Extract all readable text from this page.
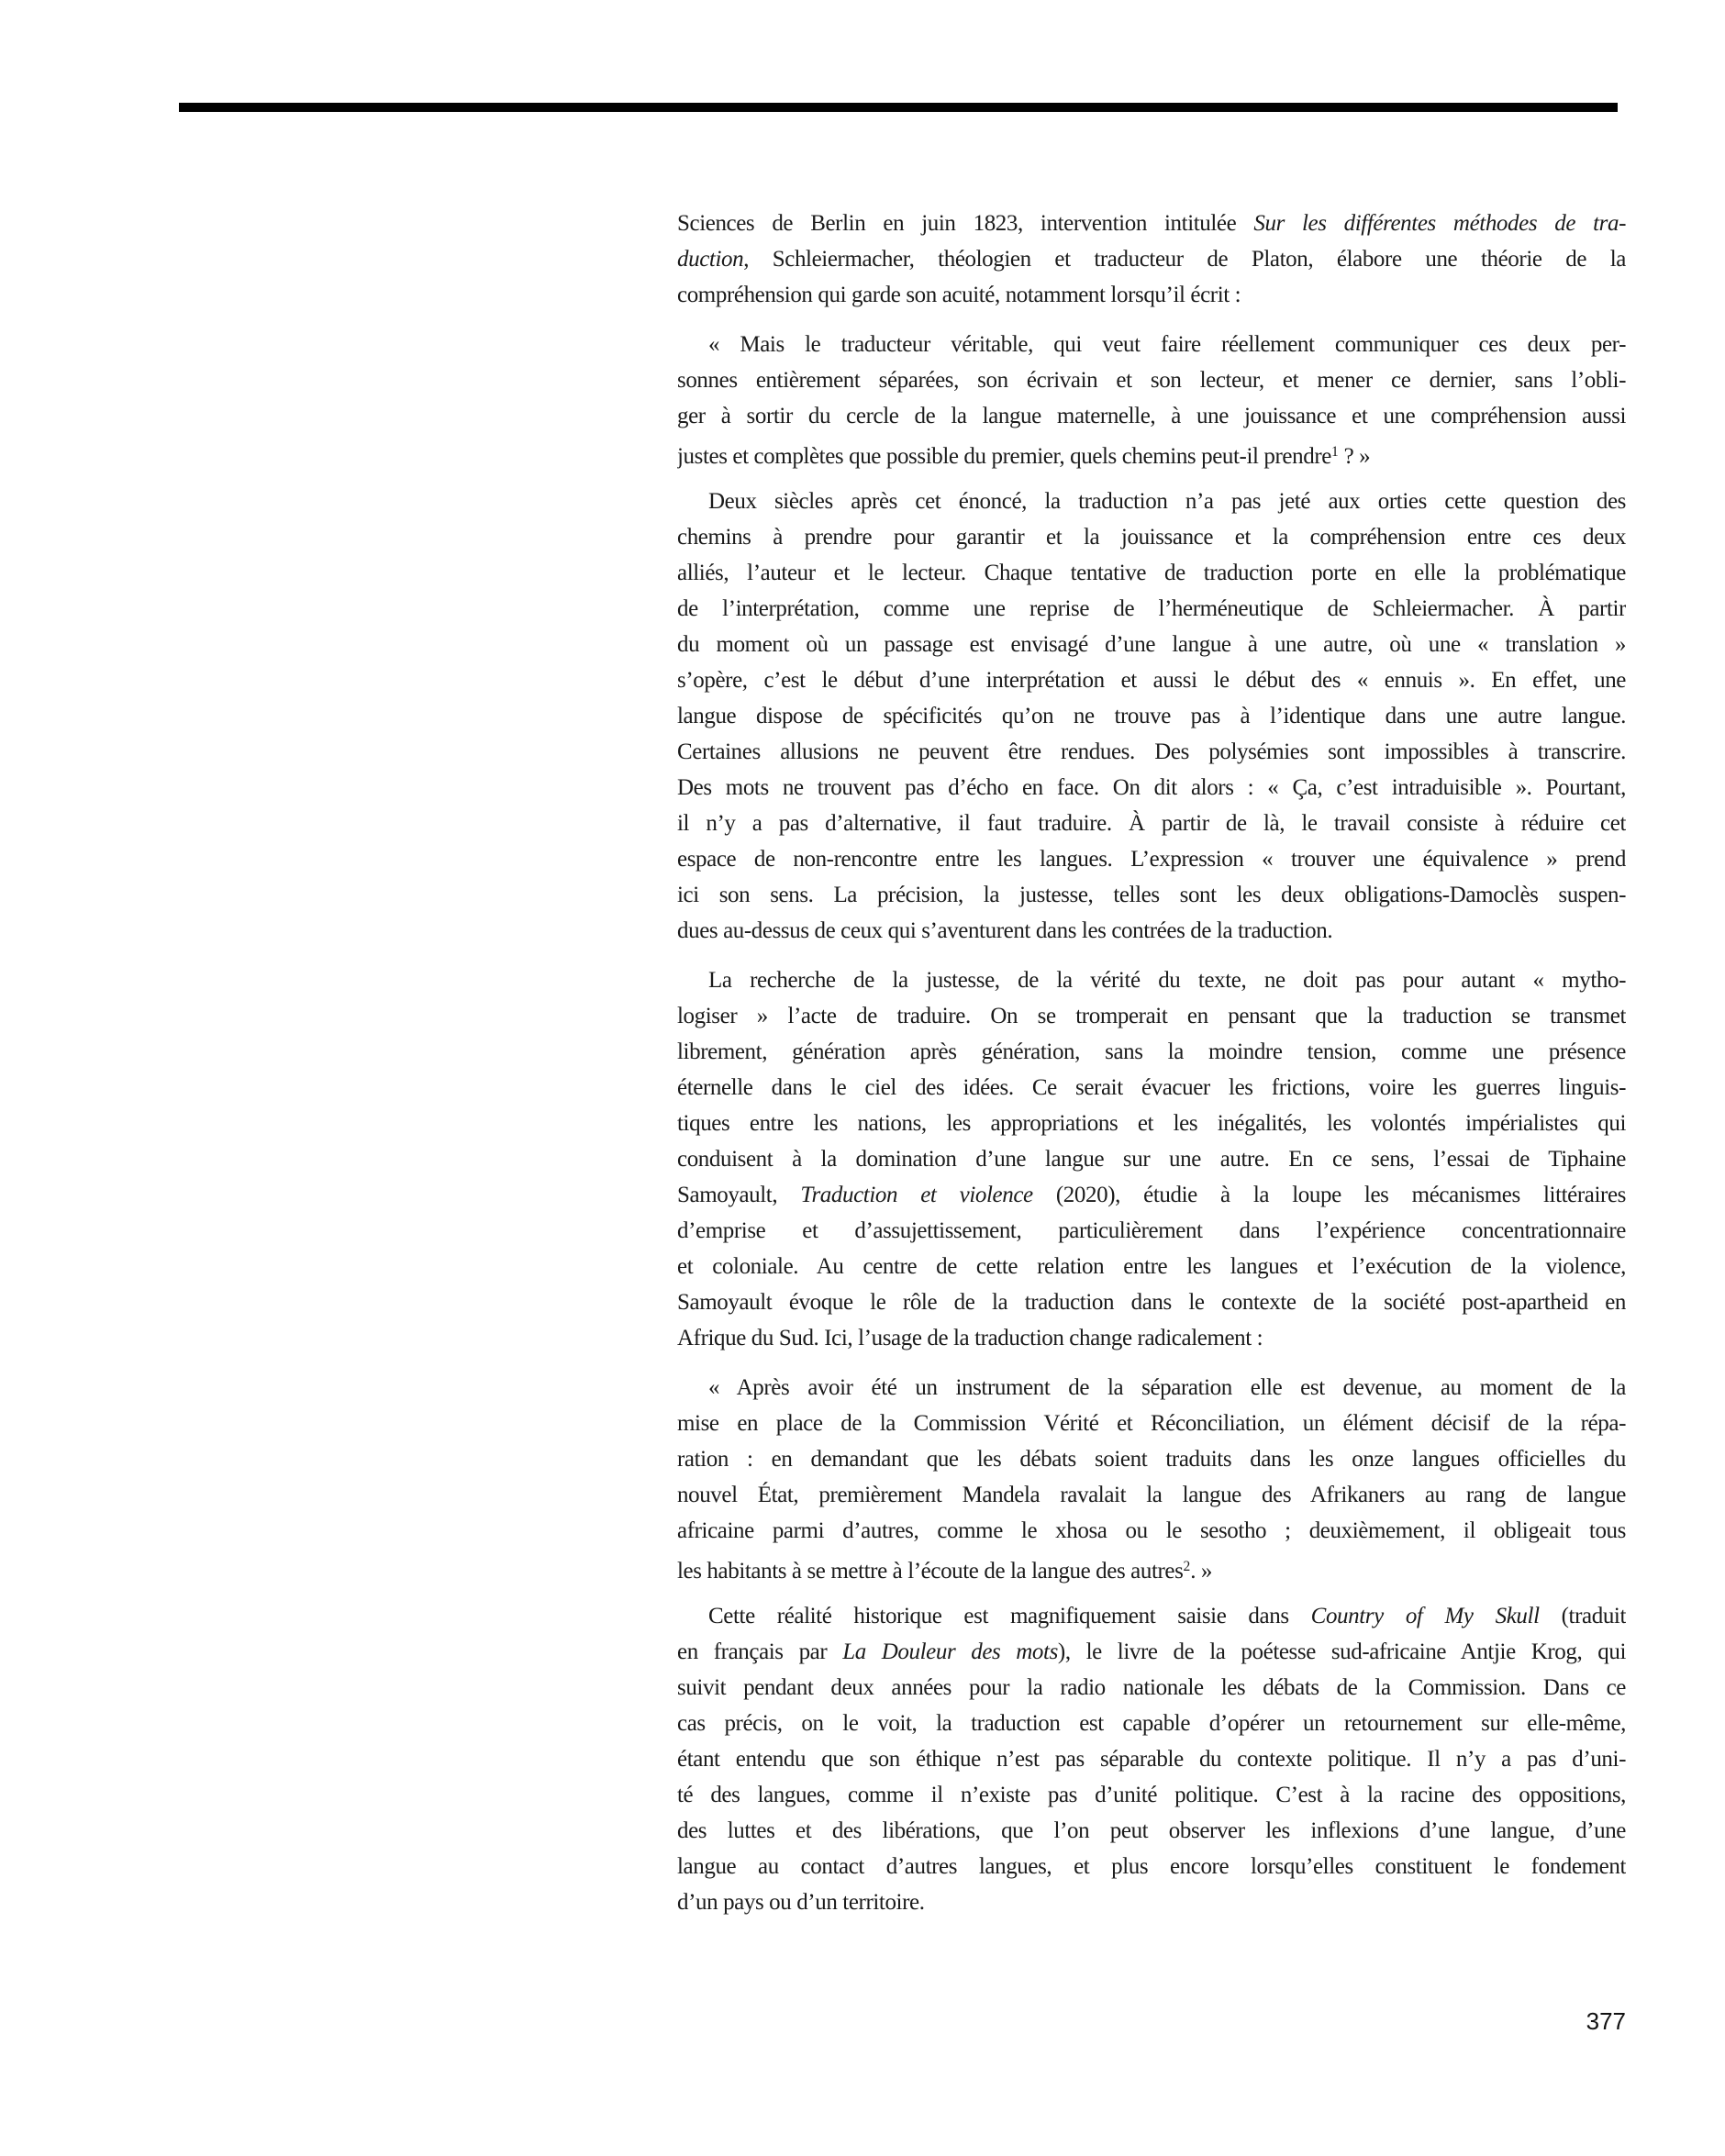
Sciences de Berlin en juin 1823, intervention intitulée Sur les différentes méthodes de tra-
duction, Schleiermacher, théologien et traducteur de Platon, élabore une théorie de la
compréhension qui garde son acuité, notamment lorsqu’il écrit :
« Mais le traducteur véritable, qui veut faire réellement communiquer ces deux per-
sonnes entièrement séparées, son écrivain et son lecteur, et mener ce dernier, sans l’obli-
ger à sortir du cercle de la langue maternelle, à une jouissance et une compréhension aussi
justes et complètes que possible du premier, quels chemins peut-il prendre$^1$ ? »
Deux siècles après cet énoncé, la traduction n’a pas jeté aux orties cette question des
chemins à prendre pour garantir et la jouissance et la compréhension entre ces deux
alliés, l’auteur et le lecteur. Chaque tentative de traduction porte en elle la problématique
de l’interprétation, comme une reprise de l’herméneutique de Schleiermacher. À partir
du moment où un passage est envisagé d’une langue à une autre, où une « translation »
s’opère, c’est le début d’une interprétation et aussi le début des « ennuis ». En effet, une
langue dispose de spécificités qu’on ne trouve pas à l’identique dans une autre langue.
Certaines allusions ne peuvent être rendues. Des polysémies sont impossibles à transcrire.
Des mots ne trouvent pas d’écho en face. On dit alors : « Ça, c’est intraduisible ». Pourtant,
il n’y a pas d’alternative, il faut traduire. À partir de là, le travail consiste à réduire cet
espace de non-rencontre entre les langues. L’expression « trouver une équivalence » prend
ici son sens. La précision, la justesse, telles sont les deux obligations-Damoclès suspen-
dues au-dessus de ceux qui s’aventurent dans les contrées de la traduction.
La recherche de la justesse, de la vérité du texte, ne doit pas pour autant « mytho-
logiser » l’acte de traduire. On se tromperait en pensant que la traduction se transmet
librement, génération après génération, sans la moindre tension, comme une présence
éternelle dans le ciel des idées. Ce serait évacuer les frictions, voire les guerres linguis-
tiques entre les nations, les appropriations et les inégalités, les volontés impérialistes qui
conduisent à la domination d’une langue sur une autre. En ce sens, l’essai de Tiphaine
Samoyault, Traduction et violence (2020), étudie à la loupe les mécanismes littéraires
d’emprise et d’assujettissement, particulièrement dans l’expérience concentrationnaire
et coloniale. Au centre de cette relation entre les langues et l’exécution de la violence,
Samoyault évoque le rôle de la traduction dans le contexte de la société post-apartheid en
Afrique du Sud. Ici, l’usage de la traduction change radicalement :
« Après avoir été un instrument de la séparation elle est devenue, au moment de la
mise en place de la Commission Vérité et Réconciliation, un élément décisif de la répa-
ration : en demandant que les débats soient traduits dans les onze langues officielles du
nouvel État, premièrement Mandela ravalait la langue des Afrikaners au rang de langue
africaine parmi d’autres, comme le xhosa ou le sesotho ; deuxièmement, il obligeait tous
les habitants à se mettre à l’écoute de la langue des autres$^2$. »
Cette réalité historique est magnifiquement saisie dans Country of My Skull (traduit
en français par La Douleur des mots), le livre de la poétesse sud-africaine Antjie Krog, qui
suivit pendant deux années pour la radio nationale les débats de la Commission. Dans ce
cas précis, on le voit, la traduction est capable d’opérer un retournement sur elle-même,
étant entendu que son éthique n’est pas séparable du contexte politique. Il n’y a pas d’uni-
té des langues, comme il n’existe pas d’unité politique. C’est à la racine des oppositions,
des luttes et des libérations, que l’on peut observer les inflexions d’une langue, d’une
langue au contact d’autres langues, et plus encore lorsqu’elles constituent le fondement
d’un pays ou d’un territoire.
377
